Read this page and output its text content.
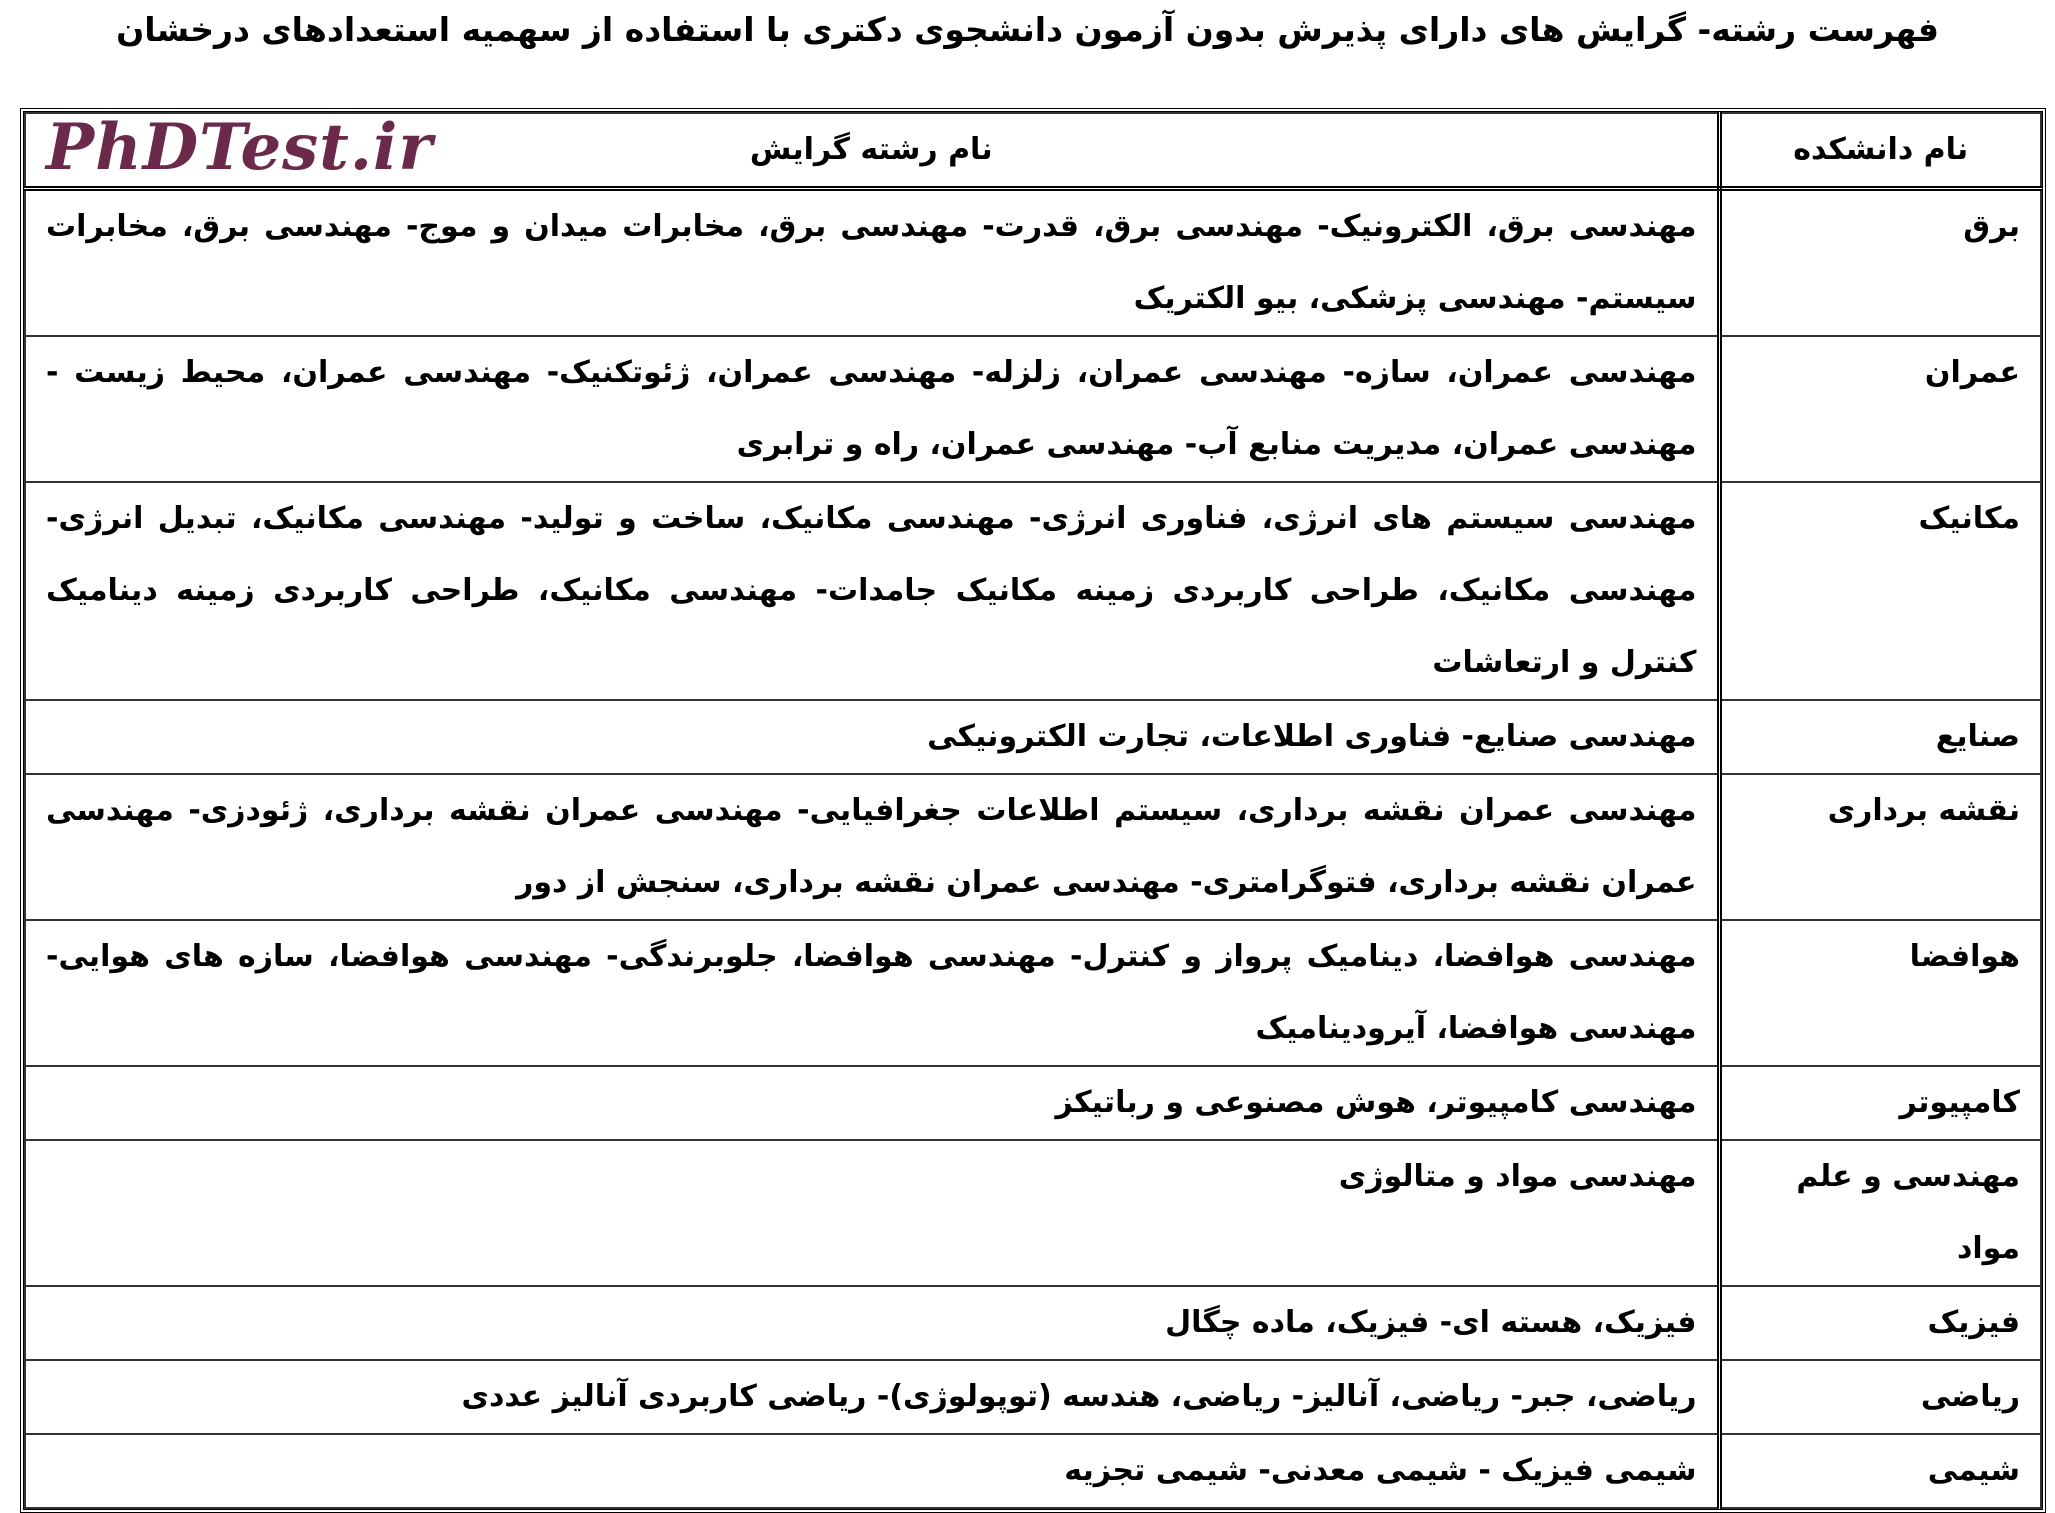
فهرست رشته- گرایش های دارای پذیرش بدون آزمون دانشجوی دکتری با استفاده از سهمیه استعدادهای درخشان
نام دانشکده	نام رشته گرایش
PhDTest.ir

برق	مهندسی برق، الکترونیک- مهندسی برق، قدرت- مهندسی برق، مخابرات میدان و موج- مهندسی برق، مخابرات سیستم- مهندسی پزشکی، بیو الکتریک
عمران	مهندسی عمران، سازه- مهندسی عمران، زلزله- مهندسی عمران، ژئوتکنیک- مهندسی عمران، محیط زیست - مهندسی عمران، مدیریت منابع آب- مهندسی عمران، راه و ترابری
مکانیک	مهندسی سیستم های انرژی، فناوری انرژی- مهندسی مکانیک، ساخت و تولید- مهندسی مکانیک، تبدیل انرژی- مهندسی مکانیک، طراحی کاربردی زمینه مکانیک جامدات- مهندسی مکانیک، طراحی کاربردی زمینه دینامیک کنترل و ارتعاشات
صنایع	مهندسی صنایع- فناوری اطلاعات، تجارت الکترونیکی
نقشه برداری	مهندسی عمران نقشه برداری، سیستم اطلاعات جغرافیایی- مهندسی عمران نقشه برداری، ژئودزی- مهندسی عمران نقشه برداری، فتوگرامتری- مهندسی عمران نقشه برداری، سنجش از دور
هوافضا	مهندسی هوافضا، دینامیک پرواز و کنترل- مهندسی هوافضا، جلوبرندگی- مهندسی هوافضا، سازه های هوایی- مهندسی هوافضا، آیرودینامیک
کامپیوتر	مهندسی کامپیوتر، هوش مصنوعی و رباتیکز
مهندسی و علم مواد	مهندسی مواد و متالوژی
فیزیک	فیزیک، هسته ای- فیزیک، ماده چگال
ریاضی	ریاضی، جبر- ریاضی، آنالیز- ریاضی، هندسه (توپولوژی)- ریاضی کاربردی آنالیز عددی
شیمی	شیمی فیزیک - شیمی معدنی- شیمی تجزیه
